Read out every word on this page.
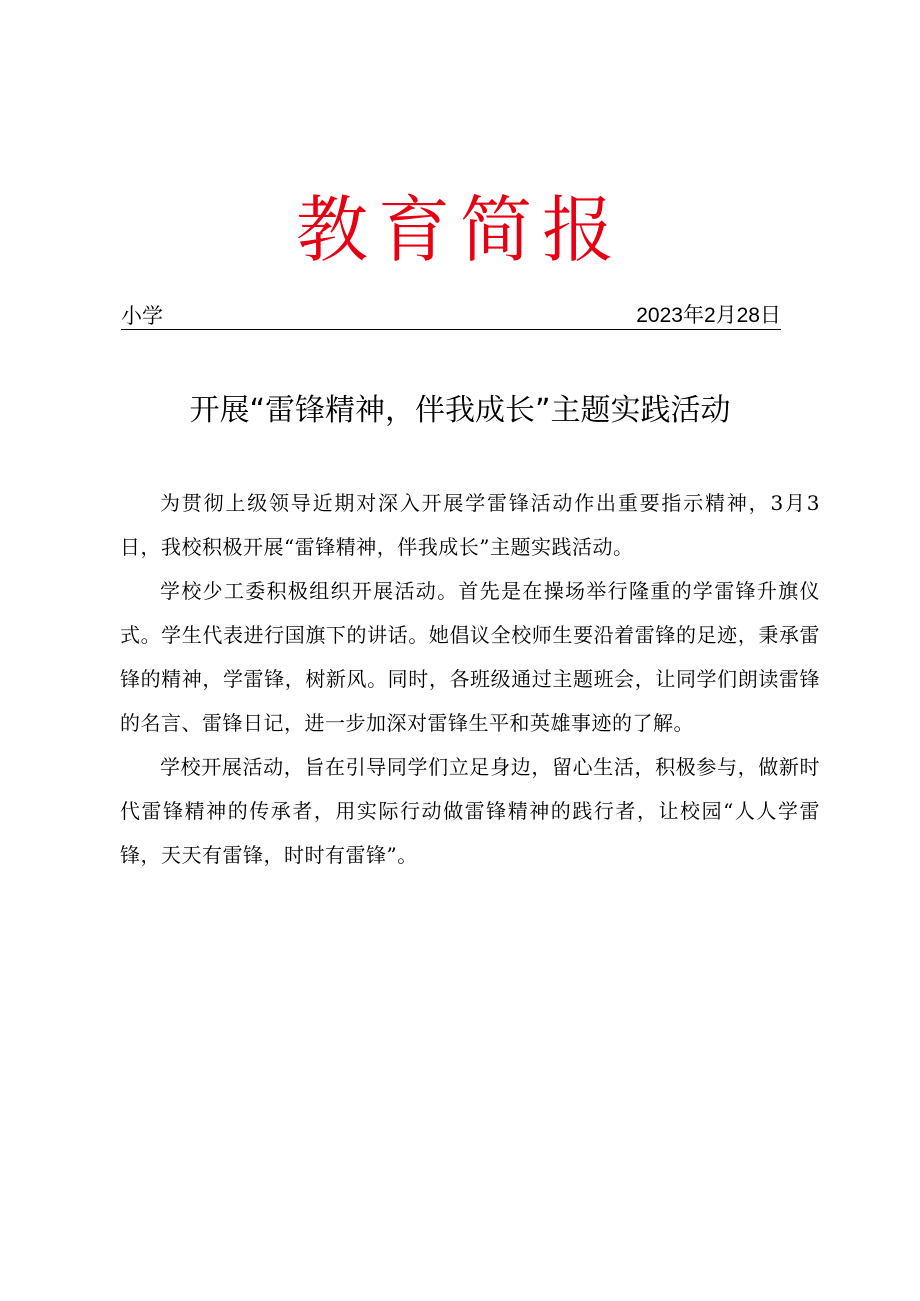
教育简报
小学	2023年2月28日
开展“雷锋精神，伴我成长”主题实践活动

为贯彻上级领导近期对深入开展学雷锋活动作出重要指示精神，3月3日，我校积极开展“雷锋精神，伴我成长”主题实践活动。

学校少工委积极组织开展活动。首先是在操场举行隆重的学雷锋升旗仪式。学生代表进行国旗下的讲话。她倡议全校师生要沿着雷锋的足迹，秉承雷锋的精神，学雷锋，树新风。同时，各班级通过主题班会，让同学们朗读雷锋的名言、雷锋日记，进一步加深对雷锋生平和英雄事迹的了解。

学校开展活动，旨在引导同学们立足身边，留心生活，积极参与，做新时代雷锋精神的传承者，用实际行动做雷锋精神的践行者，让校园“人人学雷锋，天天有雷锋，时时有雷锋”。
